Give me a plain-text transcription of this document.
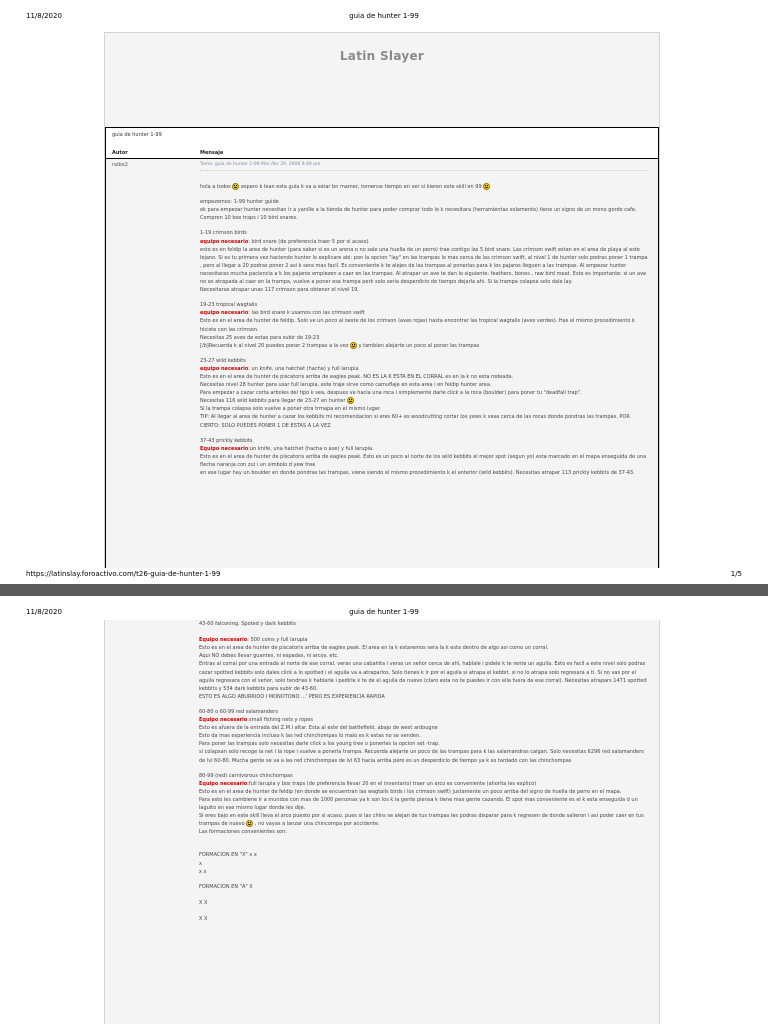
11/8/2020	guia de hunter 1-99
Latin Slayer
guia de hunter 1-99
Autor	Mensaje
raibo2	Tema: guia de hunter 1-99 Mar Abr 29, 2008 9:49 pm

hola a todos  espero k lean esta guia k va a estar bn mamer, tomense tiempo en ver si kieren este skill en 99

empezemos: 1-99 hunter guide
ok para empezar hunter necesitan ir a yanille a la tienda de hunter para poder comprar todo lo k necesitara (herramientas solamente) tiene un signo de un mono gordo cafe. Compren 10 box traps i 10 bird snares.

1-19 crimson birds
equipo necesario: bird snare (de preferencia traer 5 por si acaso)
esto es en feldip la area de hunter (para saber si es un arena o no sale una huella de un perro) trae contigo las 5 bird snare. Las crimson swift estan en el area de playa al este lejano. Si es tu primera vez haciendo hunter lo explicare abi: pon la opcion "lay" en las trampas lo mas cerca de las crimson swift, al nivel 1 de hunter solo podras poner 1 trampa , pero al llegar a 20 podras poner 2 asi k sera mas facil. Es conveniente k te alejes de las trampas al ponerlas para k los pajaros lleguen a las trampas. Al empezar hunter necesitaras mucha paciencia a k los pajaros empiezen a caer en las trampas. Al atrapar un ave te dan lo siguiente: feathers, bones , raw bird meat. Esto es importante: si un ave no es atrapada al caer en la trampa, vuelve a poner esa trampa perk solo seria desperdicio de tiempo dejarla ahi. Si la trampa colapsa solo dale lay.
Necesitaras atrapar unas 117 crimson para obtener el nivel 19.

19-23 tropical wagtails
equipo necesario: las bird snare k usamos con las crimson swift
Esto es en el area de hunter de feldip. Solo ve un poco al oeste de los crimson (aves rojas) hasta encontrar las tropical wagtails (aves verdes). Has el mismo procedimiento k hiciste con las crimson.
Necesitas 25 aves de estas para subir de 19-23.
[/b]Recuerda k al nivel 20 puedes poner 2 trampas a la vez  y tambien alejarte un poco al poner las trampas

23-27 wild kebbits
equipo necesario: un knife, una hatchet (hacha) y full larupia
Esto es en el area de hunter de piscatoris arriba de eagles peak. NO ES LA K ESTA EN EL CORRAL es en la k no esta rodeada.
Necesitas nivel 28 hunter para usar full larupia, este traje sirve como camuflaje en esta area i en feldip hunter area.
Para empezar a cazar corta arboles del tipo k sea, despues ve hacia una roca i simplemente darle click a la roca (boulder) para poner tu "deadfall trap".
Necesitas 116 wild kebbits para llegar de 23-27 en hunter
Si la trampa colapsa solo vuelve a poner otra trmapa en el mismo lugar.
TIP: Al llegar al area de hunter a cazar los kebbits mi recomendacion si eres 60+ es woodcutting cortar los yews k veas cerca de las rocas donde pondras las trampas. POR CIERTO: SOLO PUEDES PONER 1 DE ESTAS A LA VEZ

37-43 prickly kebbits
Equipo necesario:un knife, una hatchet (hacha o axe) y full larupia.
Esto es en el area de hunter de piscatoris arriba de eagles peak. Esto es un poco al norte de los wild kebbits el mejor spot (segun yo) esta marcado en el mapa enseguida de una flecha naranja con zul i un simbolo d yew tree
en ese lugar hay un boulder en donde pondras las trampas, viene siendo el mismo procedimiento k el anterior (wild kebbits). Necesitas atrapar 113 prickly kebbits de 37-43.

https://latinslay.foroactivo.com/t26-guia-de-hunter-1-99	1/5
11/8/2020	guia de hunter 1-99

43-60 falconing. Spoted y dark kebbits

Equipo necesario: 500 coins y full larupia
Esto es en el area de hunter de piscatoris arriba de eagles peak. El area en la k estaremos sera la k esta dentro de algo asi como un corral.
Aqui NO debes llevar guantes, ni espadas, ni arcos, etc.
Entras al corral por una entrada al norte de ese corral, veras una cabañita i veras un señor cerca de ahi, hablale i pidele k te rente un aguila. Esto es facil a este nivel solo podras cazar spotted kebbits solo dales click a lo spotted i el aguila va a atraparlos. Solo tienes k ir por el aguila si atrapa el kebbit, si no lo atrapa solo regresara a ti. Si no vas por el aguila regresara con el señor, solo tendrias k hablarle i pedirle k te de el aguila de nuevo (claro esta no te puedes ir con ella fuera de ese corral). Necesitas atrapars 1471 spotted kebbits y 534 dark kebbits para subir de 43-60.
ESTO ES ALGO ABURRIDO I MONOTONO ...' PERO ES EXPERIENCIA RAPIDA

60-80 o 60-99 red salamanders
Equipo necesario:small fishing nets y ropes
Esto es afuera de la entrada del Z.M.I altar. Esta al este del battlefield, abajo de west ardougne
Esto da mas experiencia incluso k las red chinchompas lo malo es k estas no se venden.
Para poner las trampas solo necesitas darle click a los young tree o ponerles la opcion set -trap.
si colapsan solo recoge la net i la rope i vuelve a ponerla trampa. Recuerda alejarte un poco de las trampas para k las salamandras caigan. Solo necesitas 6296 red salamanders de lvl 60-80. Mucha gente se va a las red chinchompas de lvl 63 hacia arriba pero es un desperdicio de tiempo ya k es tardado con las chinchompas

80-99 (red) carnivorous chinchompas
Equipo necesario:full larupia y box traps (de preferencia llevar 20 en el inventario) traer un arco es conveniente (ahorita les explico)
Esto es en el area de hunter de feldip (en donde se encuentran las wagtails birds i los crimson swift) justamente un poco arriba del signo de huella de perro en el mapa.
Para esto les cambiene ir a mundos con mas de 1000 personas ya k son los k la gente piensa k tiene mas gente cazando. El spot mas conveniente es el k esta enseguida d un laguito en ese mismo lugar donde les dije.
Si eres bajo en este skill lleva el arco puesto por si acaso, pues si las chins se alejan de tus trampas les podras disparar para k regresen de donde salieron i asi poder caer en tus trampas de nuevo , no vayas a lanzar una chincompa por accidente.
Las formaciones convenientes son:

FORMACION EN "X" x x
x
x x

FORMACION EN "A" X

X X

X X
